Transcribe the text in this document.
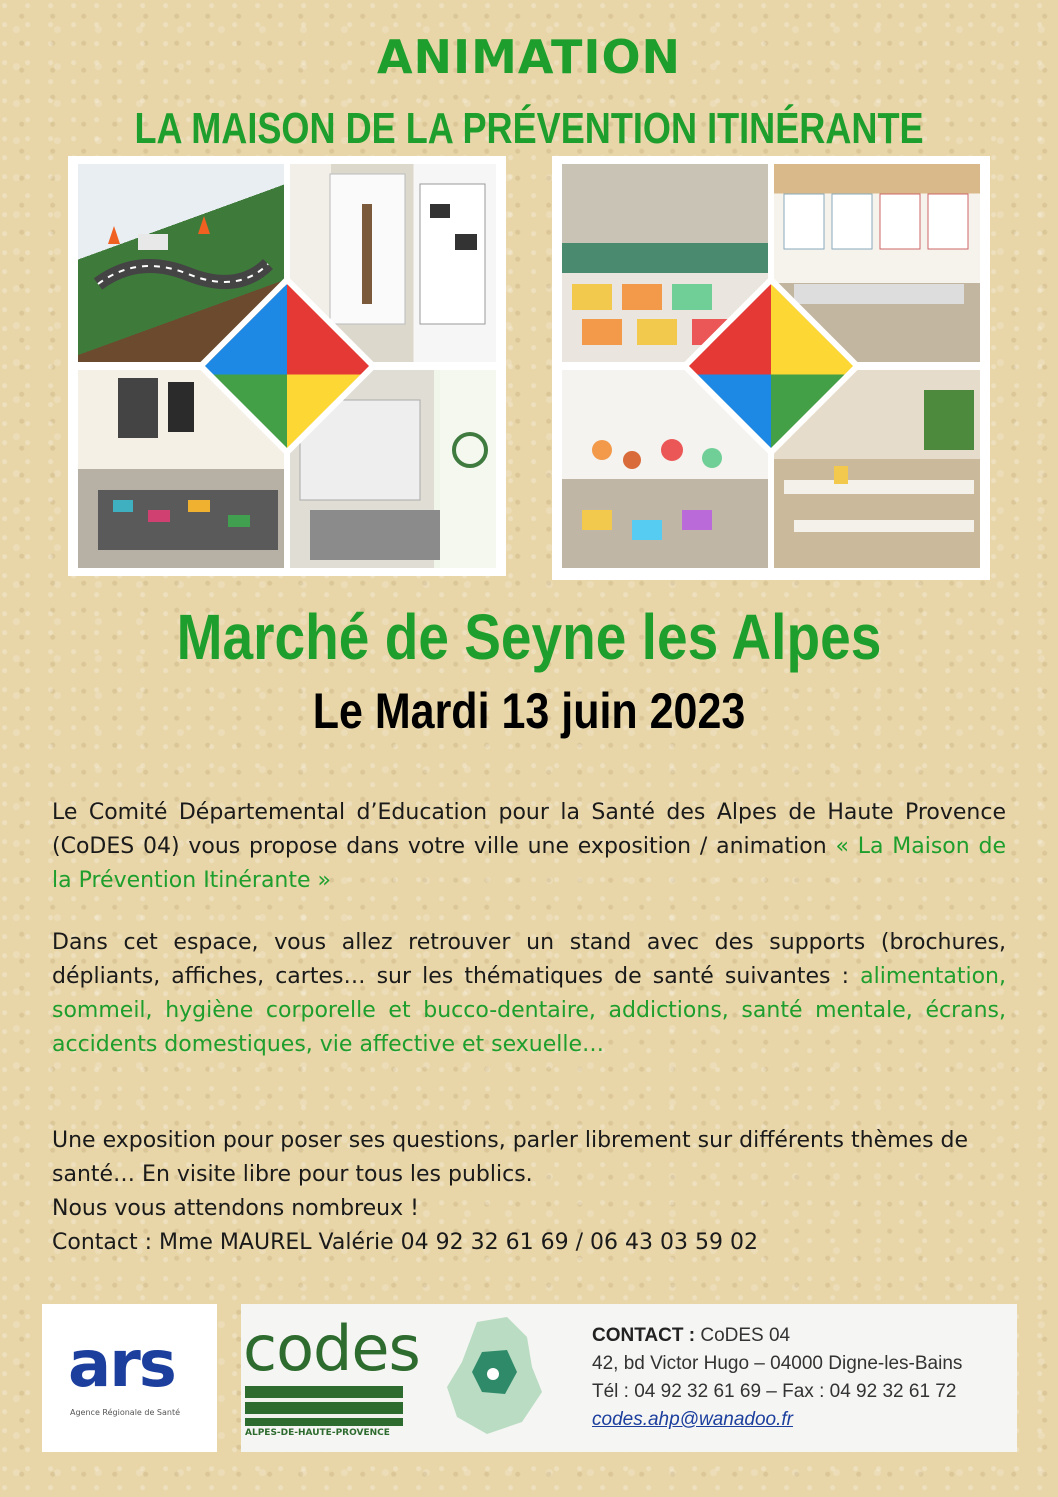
ANIMATION
LA MAISON DE LA PRÉVENTION ITINÉRANTE
Marché de Seyne les Alpes
Le Mardi 13 juin 2023
Le Comité Départemental d’Education pour la Santé des Alpes de Haute Provence (CoDES 04) vous propose dans votre ville une exposition / animation « La Maison de la Prévention Itinérante »
Dans cet espace, vous allez retrouver un stand avec des supports (brochures, dépliants, affiches, cartes… sur les thématiques de santé suivantes : alimentation, sommeil, hygiène corporelle et bucco-dentaire, addictions, santé mentale, écrans, accidents domestiques, vie affective et sexuelle…
Une exposition pour poser ses questions, parler librement sur différents thèmes de santé… En visite libre pour tous les publics.
Nous vous attendons nombreux !
Contact : Mme MAUREL Valérie 04 92 32 61 69 / 06 43 03 59 02
ars
Agence Régionale de Santé
codes
ALPES-DE-HAUTE-PROVENCE
CONTACT : CoDES 04
42, bd Victor Hugo – 04000 Digne-les-Bains
Tél : 04 92 32 61 69 – Fax : 04 92 32 61 72
codes.ahp@wanadoo.fr
